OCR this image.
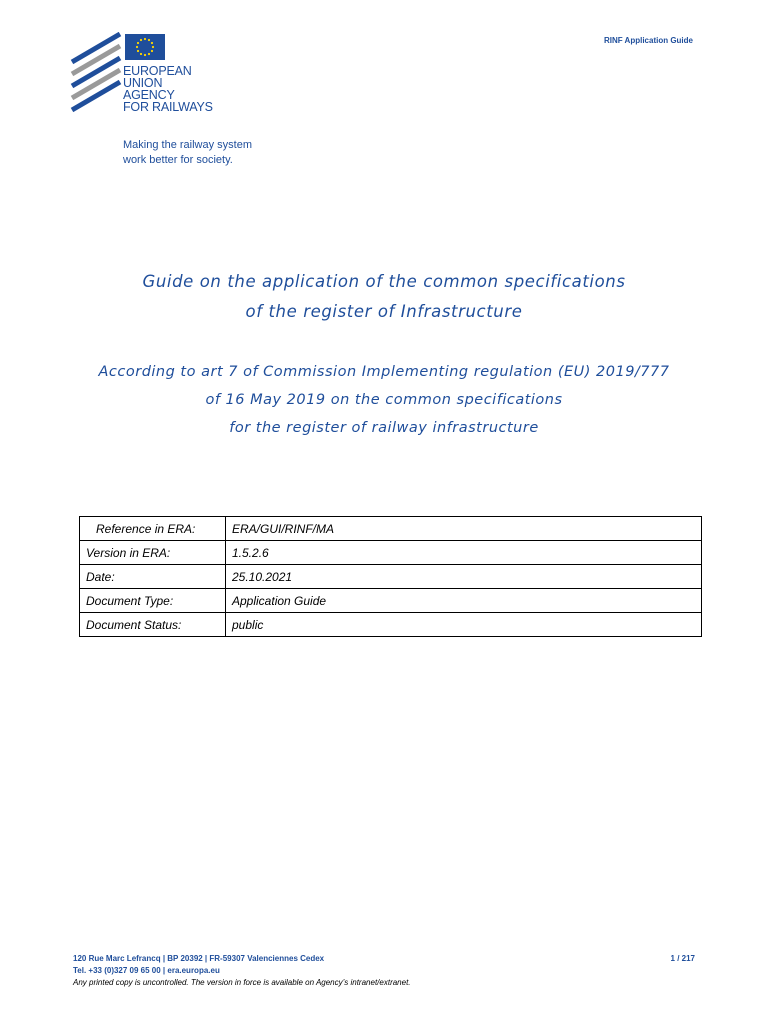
EUROPEAN
UNION
AGENCY
FOR RAILWAYS

Making the railway system
work better for society.
RINF Application Guide
Guide on the application of the common specifications
of the register of Infrastructure
According to art 7 of Commission Implementing regulation (EU) 2019/777
of 16 May 2019 on the common specifications
for the register of railway infrastructure
Reference in ERA:	ERA/GUI/RINF/MA
Version in ERA:	1.5.2.6
Date:	25.10.2021
Document Type:	Application Guide
Document Status:	public
120 Rue Marc Lefrancq | BP 20392 | FR-59307 Valenciennes Cedex
Tel. +33 (0)327 09 65 00 | era.europa.eu
Any printed copy is uncontrolled. The version in force is available on Agency’s intranet/extranet.
1 / 217
